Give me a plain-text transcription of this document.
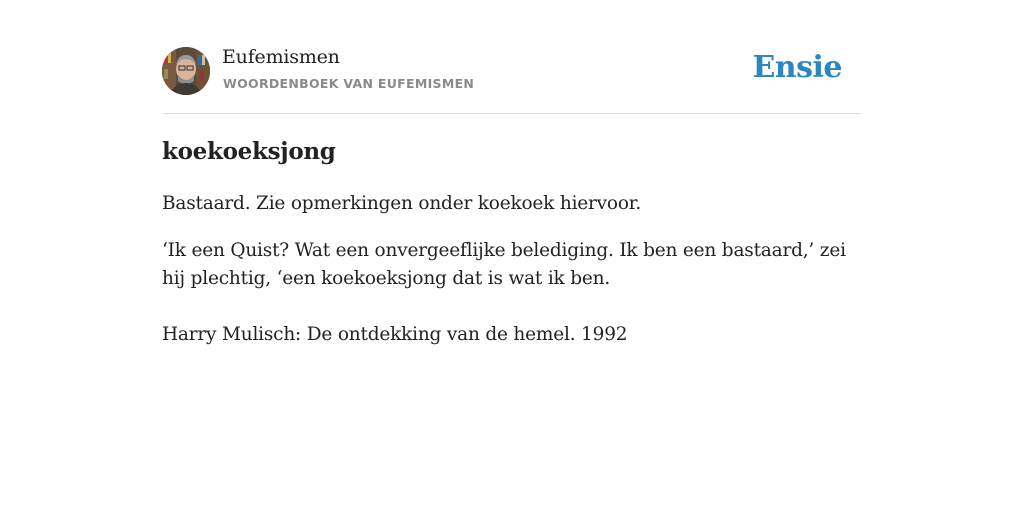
Eufemismen
WOORDENBOEK VAN EUFEMISMEN	Ensie
koekoeksjong

Bastaard. Zie opmerkingen onder koekoek hiervoor.

‘Ik een Quist? Wat een onvergeeflijke belediging. Ik ben een bastaard,’ zei hij plechtig, ‘een koekoeksjong dat is wat ik ben.

Harry Mulisch: De ontdekking van de hemel. 1992
